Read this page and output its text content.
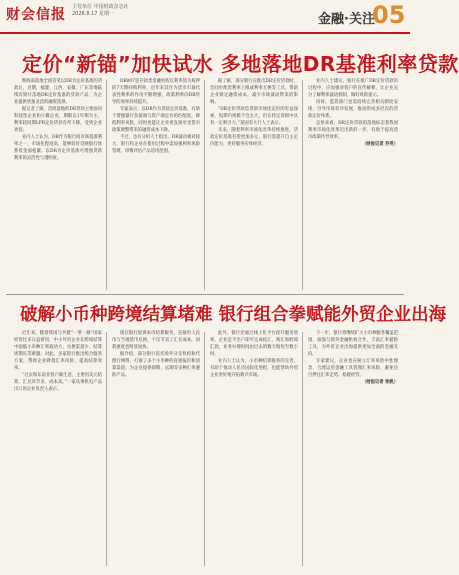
财会信报 主管单位 中国财政杂志社
2026.8.17 星期一	金融·关注
05
定价“新锚”加快试水 多地落地DR基准利率贷款

继海南落地全国首笔以DR为定价基准的贷款后，近期，福建、江西、安徽、广东等地陆续有银行落地DR定价基准的贷款产品，为企业提供更加灵活的融资选择。

据记者了解，首批落地的DR贷款主要面向科技型企业和小微企业，期限以1年期为主，利率较同期LPR定价贷款有所下降，受到企业欢迎。

业内人士认为，DR作为银行间市场基准利率之一，市场化程度高，能够较好反映银行体系资金面松紧，以DR为定价基准可增强贷款利率的灵活性与透明度。

DR007是存款类金融机构以利率债为质押的7天期回购利率，近年来其作为货币市场代表性利率的作用不断增强，政策利率向DR传导的效率持续提升。

专家表示，以DR作为贷款定价基准，有助于增强银行负债端与资产端定价的匹配度，降低利率风险，同时也能让企业更直接享受货币政策调整带来的融资成本下降。

不过，也有分析人士指出，DR波动相对较大，银行和企业在使用过程中需加强利率风险管理，审慎评估产品适用范围。

据了解，部分银行在推出DR定价贷款时，会同步配套利率上限或利率互换等工具，帮助企业锁定融资成本，减少市场波动带来的影响。

“DR定价贷款是贷款市场化定价的有益探索，短期内规模不会太大，但在特定客群中具有一定吸引力。”某国有大行人士表示。

未来，随着利率市场化改革持续推进，贷款定价基准有望更加多元，银行需提升自主定价能力，更好服务实体经济。

业内人士建议，银行在推广DR定价贷款的过程中，应加强对客户的宣传解释，让企业充分了解利率波动机制，做好风险提示。

同时，监管部门也需持续完善相关制度安排，引导市场有序发展，推动形成多层次的贷款定价体系。

总体来看，DR定价贷款的落地标志着我国利率市场化改革迈出新的一步，有助于提高货币政策传导效率。

（财报记者 乔英）

破解小币种跨境结算堵难 银行组合拳赋能外贸企业出海

近年来，随着我国与共建“一带一路”国家经贸往来日益密切，中小外贸企业在跨境结算中面临小币种汇率波动大、兑换渠道少、结算周期长等难题。对此，多家银行推出组合服务方案，帮助企业降低汇率风险、提高结算效率。

“过去和东南亚客户做生意，主要用美元结算，汇兑环节多，成本高。”一家从事机电产品出口的企业负责人表示。

现在银行提供本币结算服务，直接用人民币与当地货币兑换，不仅节省了汇兑成本，回款速度也明显加快。

据介绍，部分银行依托境外分支机构和代理行网络，打通了多个小币种的直接报价和清算渠道，为企业提供即期、远期等多种汇率避险产品。

此外，银行还通过线上化平台提升服务效率，企业足不出户即可完成结汇、购汇和跨境汇款，业务办理时间由过去的数天缩短至数小时。

业内人士认为，小币种结算服务的完善，有助于推动人民币国际化进程，也能帮助外贸企业更好地开拓新兴市场。

下一步，银行将继续扩大小币种服务覆盖范围，加强与境外金融机构合作，丰富汇率避险工具，为外贸企业出海提供更加全面的金融支持。

专家建议，企业也应树立汇率风险中性理念，合理运用金融工具管理汇率风险，避免盲目押注汇率走势，稳健经营。

（财报记者 张帆）
